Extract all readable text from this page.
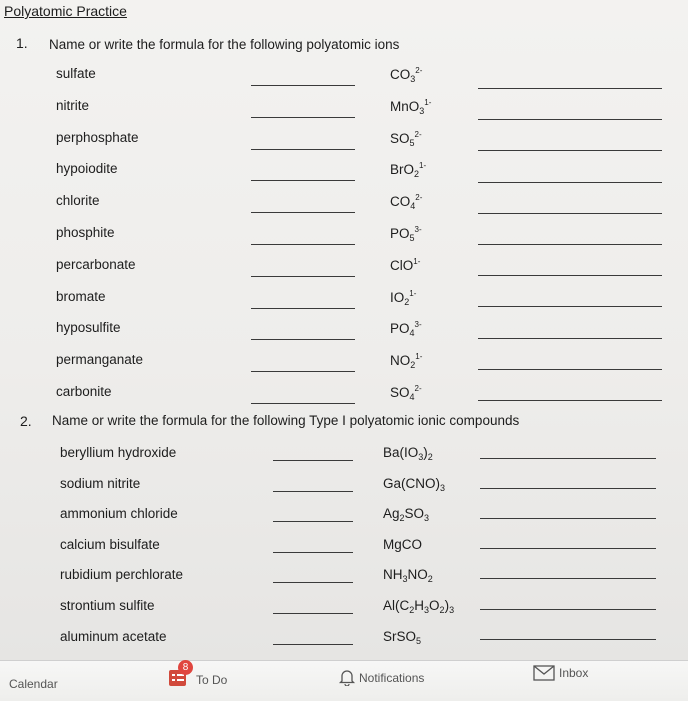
Polyatomic Practice
1. Name or write the formula for the following polyatomic ions
sulfate	$CO_3^{2-}$
nitrite	MnO$_3^{1-}$
perphosphate	$SO_5^{2-}$
hypoiodite	BrO$_2^{1-}$
chlorite	$CO_4^{2-}$
phosphite	$PO_5^{3-}$
percarbonate	ClO$^{1-}$
bromate	$IO_2^{1-}$
hyposulfite	$PO_4^{3-}$
permanganate	$NO_2^{1-}$
carbonite	$SO_4^{2-}$
2. Name or write the formula for the following Type I polyatomic ionic compounds
beryllium hydroxide	$Ba(IO_3)_2$
sodium nitrite	$Ga(CNO)_3$
ammonium chloride	$Ag_2SO_3$
calcium bisulfate	MgCO
rubidium perchlorate	$NH_3NO_2$
strontium sulfite	$Al(C_2H_3O_2)_3$
aluminum acetate	SrSO$_5$
Calendar	To Do	Notifications	Inbox
8
